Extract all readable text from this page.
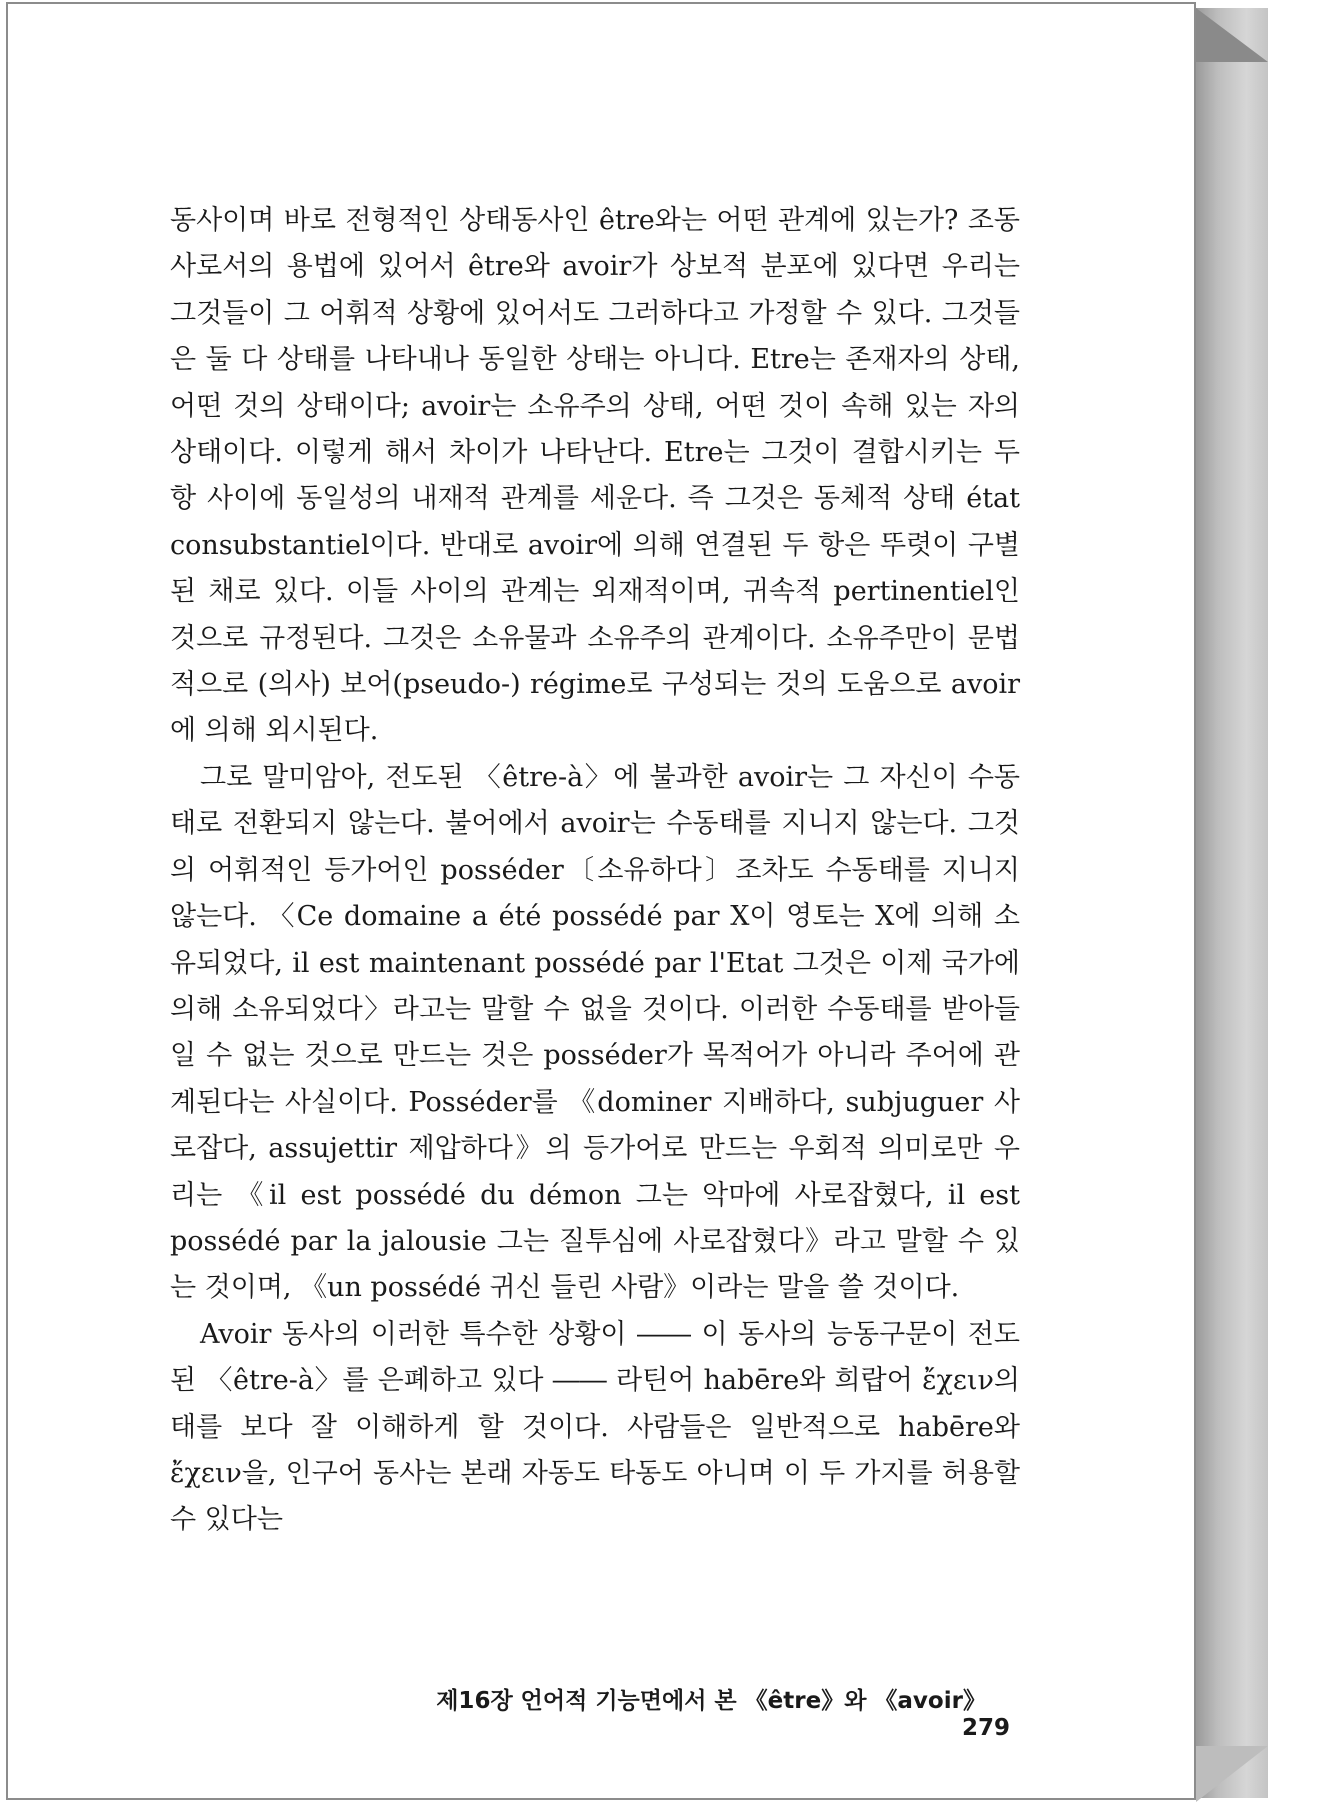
동사이며 바로 전형적인 상태동사인 être와는 어떤 관계에 있는가? 조동사로서의 용법에 있어서 être와 avoir가 상보적 분포에 있다면 우리는 그것들이 그 어휘적 상황에 있어서도 그러하다고 가정할 수 있다. 그것들은 둘 다 상태를 나타내나 동일한 상태는 아니다. Etre는 존재자의 상태, 어떤 것의 상태이다; avoir는 소유주의 상태, 어떤 것이 속해 있는 자의 상태이다. 이렇게 해서 차이가 나타난다. Etre는 그것이 결합시키는 두 항 사이에 동일성의 내재적 관계를 세운다. 즉 그것은 동체적 상태 état consubstantiel이다. 반대로 avoir에 의해 연결된 두 항은 뚜렷이 구별된 채로 있다. 이들 사이의 관계는 외재적이며, 귀속적 pertinentiel인 것으로 규정된다. 그것은 소유물과 소유주의 관계이다. 소유주만이 문법적으로 (의사) 보어(pseudo-) régime로 구성되는 것의 도움으로 avoir에 의해 외시된다.

그로 말미암아, 전도된 〈être-à〉에 불과한 avoir는 그 자신이 수동태로 전환되지 않는다. 불어에서 avoir는 수동태를 지니지 않는다. 그것의 어휘적인 등가어인 posséder〔소유하다〕조차도 수동태를 지니지 않는다. 〈Ce domaine a été possédé par X이 영토는 X에 의해 소유되었다, il est maintenant possédé par l'Etat 그것은 이제 국가에 의해 소유되었다〉라고는 말할 수 없을 것이다. 이러한 수동태를 받아들일 수 없는 것으로 만드는 것은 posséder가 목적어가 아니라 주어에 관계된다는 사실이다. Posséder를 《dominer 지배하다, subjuguer 사로잡다, assujettir 제압하다》의 등가어로 만드는 우회적 의미로만 우리는 《il est possédé du démon 그는 악마에 사로잡혔다, il est possédé par la jalousie 그는 질투심에 사로잡혔다》라고 말할 수 있는 것이며, 《un possédé 귀신 들린 사람》이라는 말을 쓸 것이다.

Avoir 동사의 이러한 특수한 상황이 ―― 이 동사의 능동구문이 전도된 〈être-à〉를 은폐하고 있다 ―― 라틴어 habēre와 희랍어 ἔχειν의 태를 보다 잘 이해하게 할 것이다. 사람들은 일반적으로 habēre와 ἔχειν을, 인구어 동사는 본래 자동도 타동도 아니며 이 두 가지를 허용할 수 있다는

제16장 언어적 기능면에서 본 《être》와 《avoir》    279
